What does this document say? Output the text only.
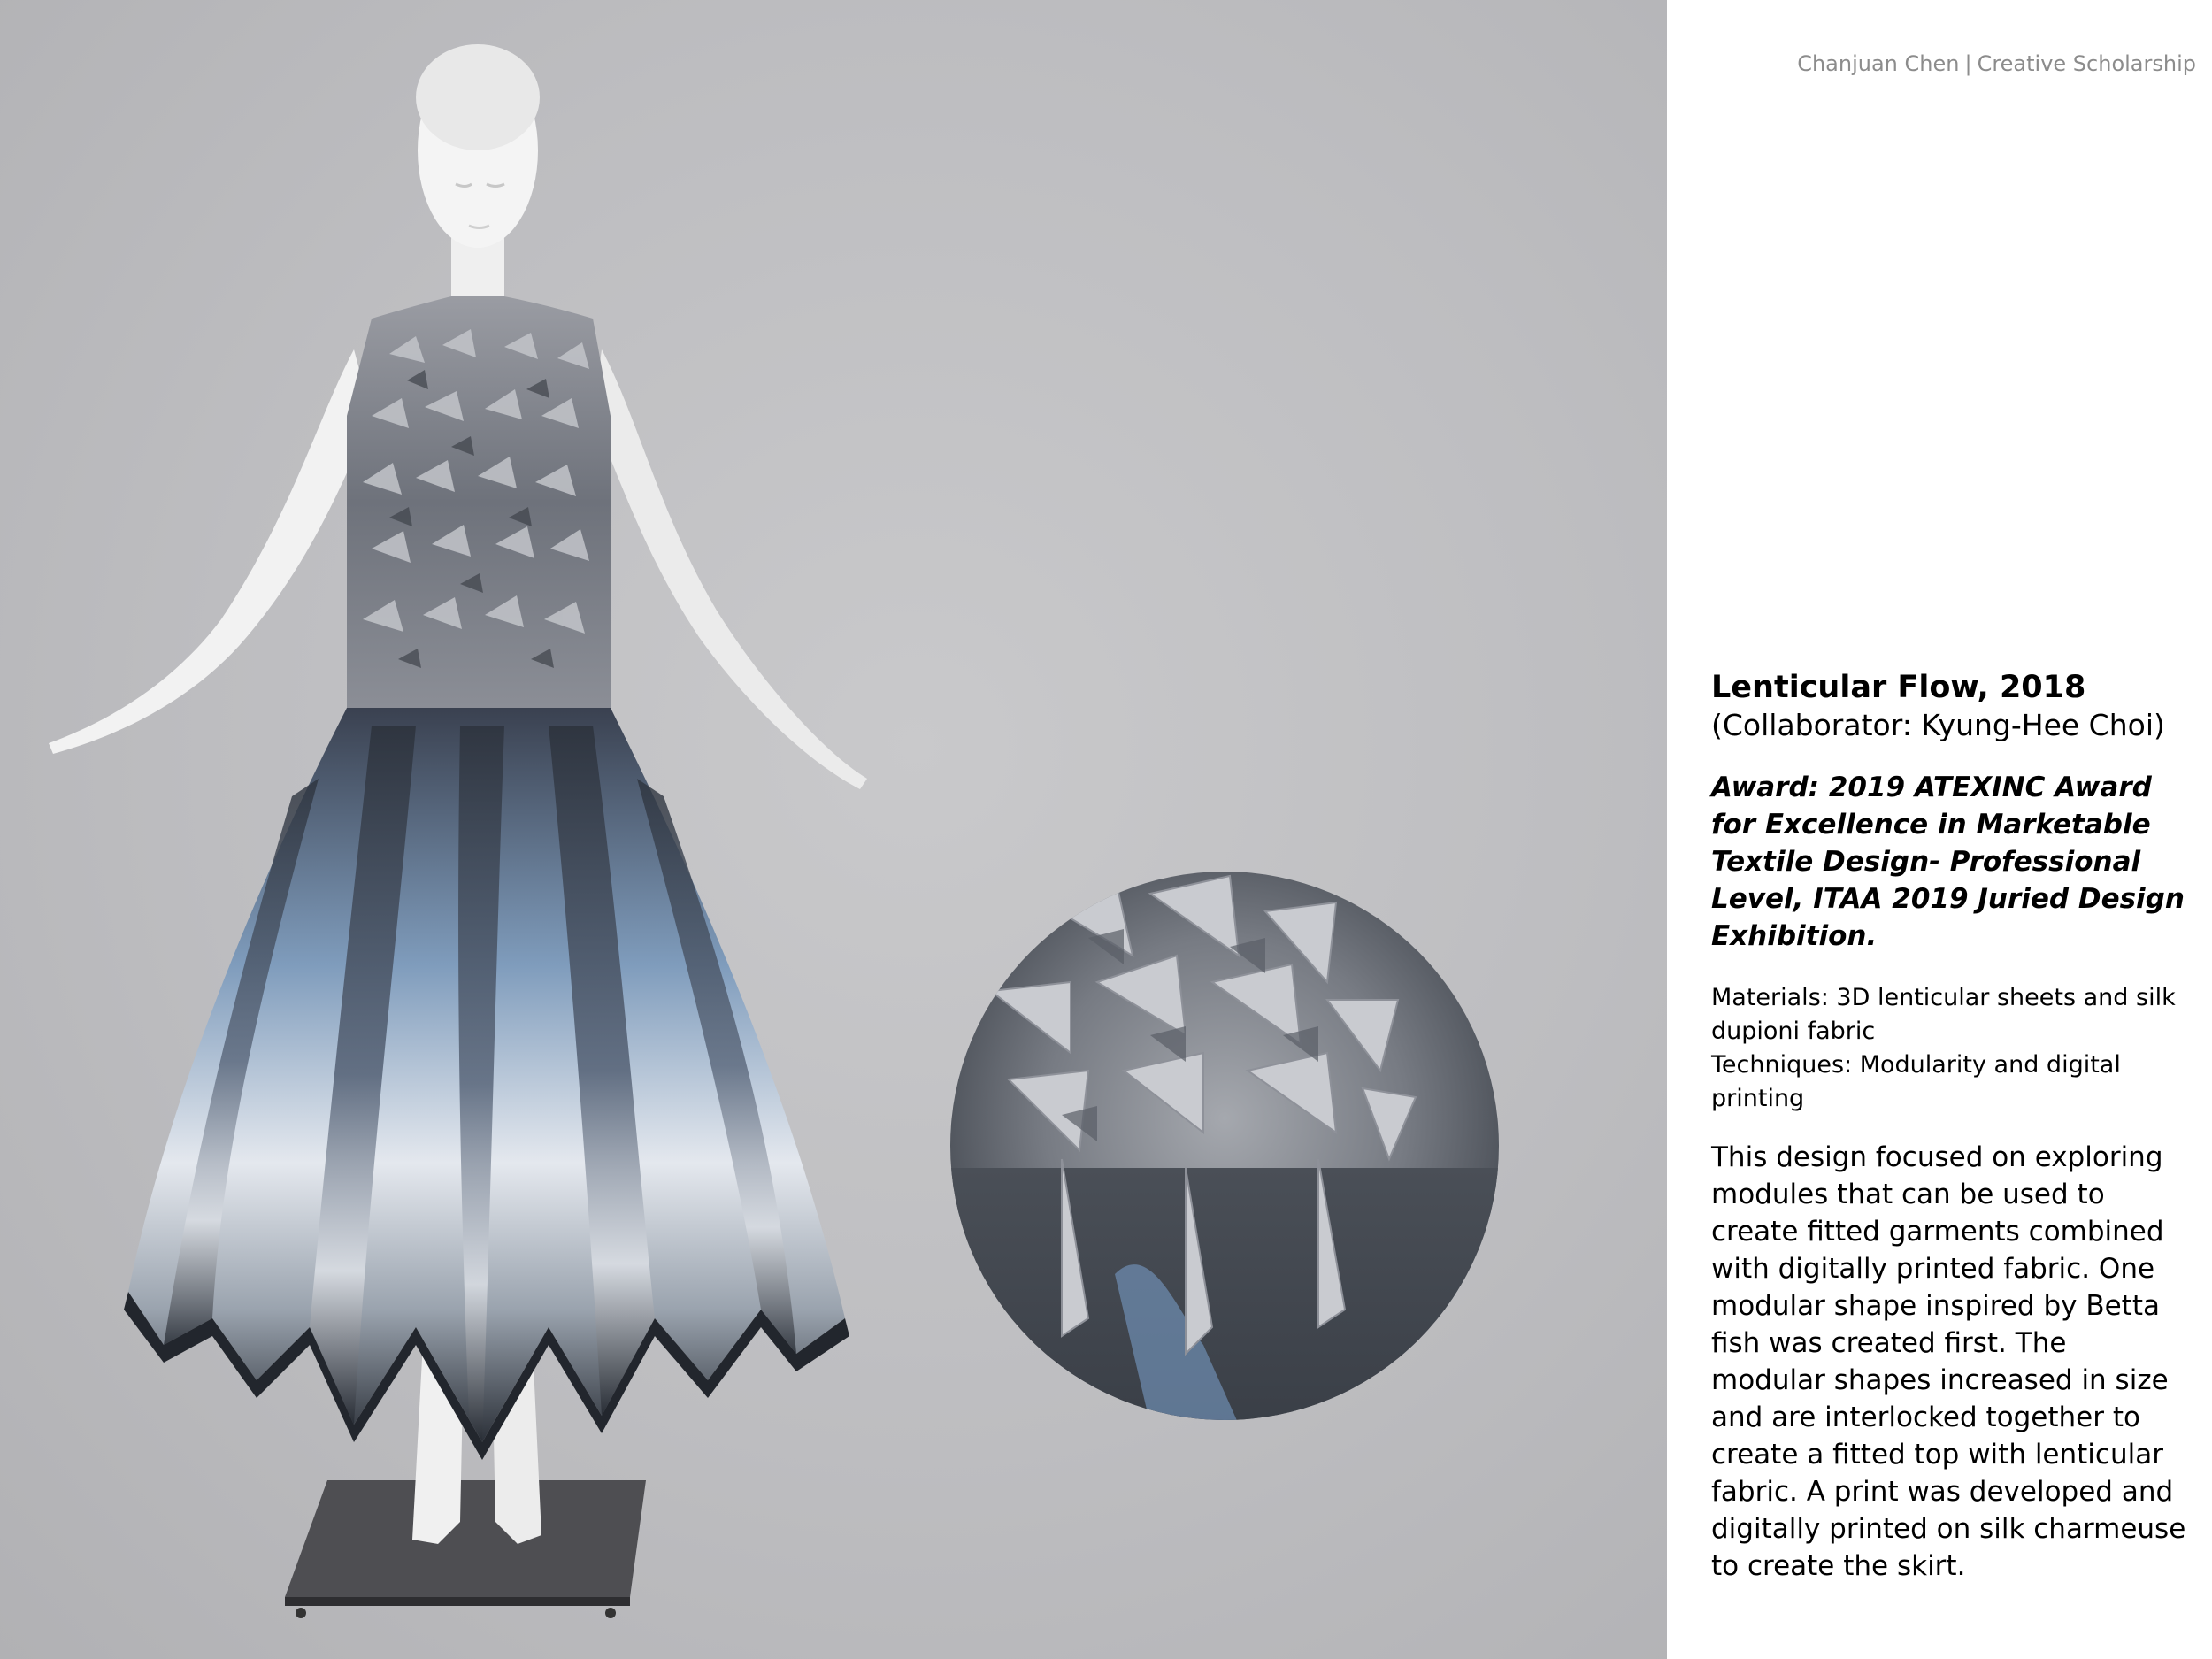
Chanjuan Chen | Creative Scholarship

Lenticular Flow, 2018

(Collaborator: Kyung-Hee Choi)

Award: 2019 ATEXINC Award for Excellence in Marketable Textile Design- Professional Level, ITAA 2019 Juried Design Exhibition.

Materials: 3D lenticular sheets and silk dupioni fabric

Techniques: Modularity and digital printing

This design focused on exploring modules that can be used to create fitted garments combined with digitally printed fabric. One modular shape inspired by Betta fish was created first. The modular shapes increased in size and are interlocked together to create a fitted top with lenticular fabric. A print was developed and digitally printed on silk charmeuse to create the skirt.
